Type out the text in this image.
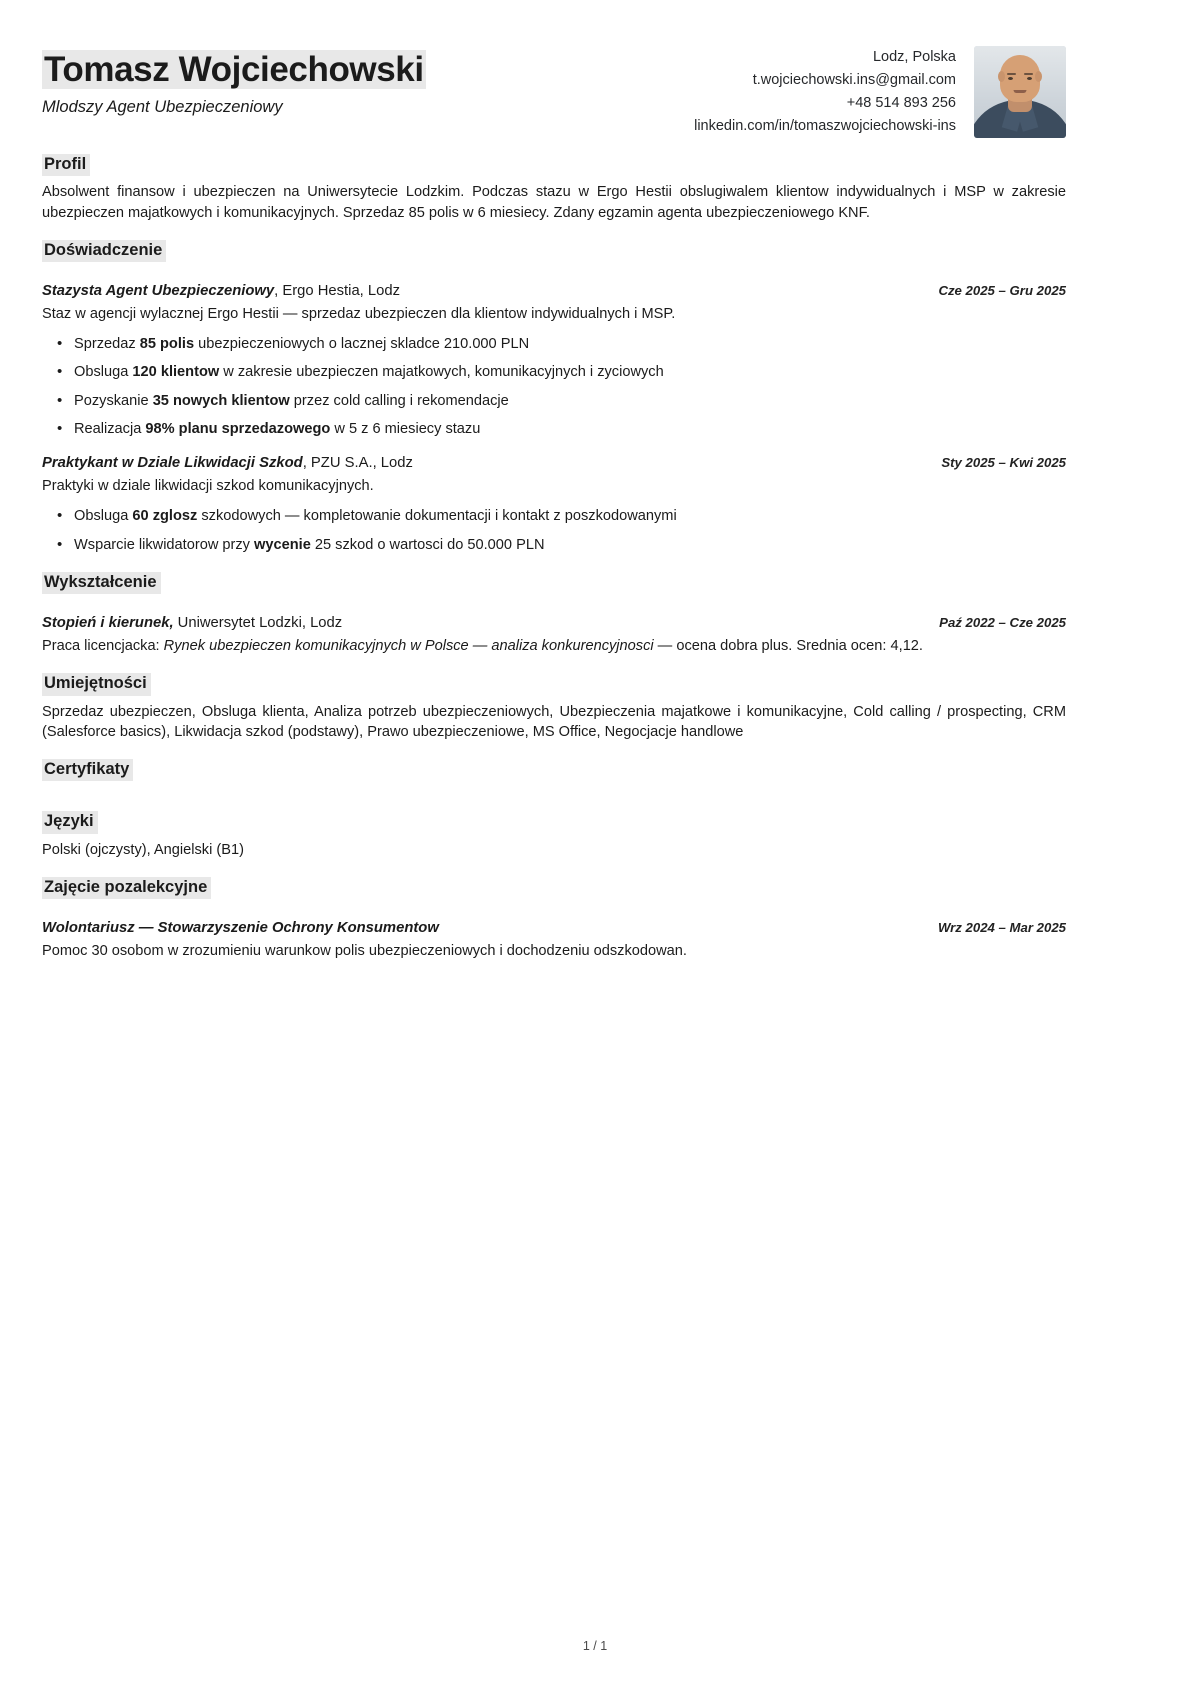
Tomasz Wojciechowski
Mlodszy Agent Ubezpieczeniowy
Lodz, Polska
t.wojciechowski.ins@gmail.com
+48 514 893 256
linkedin.com/in/tomaszwojciechowski-ins
Profil
Absolwent finansow i ubezpieczen na Uniwersytecie Lodzkim. Podczas stazu w Ergo Hestii obslugiwalem klientow indywidualnych i MSP w zakresie ubezpieczen majatkowych i komunikacyjnych. Sprzedaz 85 polis w 6 miesiecy. Zdany egzamin agenta ubezpieczeniowego KNF.
Doświadczenie
Stazysta Agent Ubezpieczeniowy, Ergo Hestia, Lodz	Cze 2025 – Gru 2025
Staz w agencji wylacznej Ergo Hestii — sprzedaz ubezpieczen dla klientow indywidualnych i MSP.
• Sprzedaz 85 polis ubezpieczeniowych o lacznej skladce 210.000 PLN
• Obsluga 120 klientow w zakresie ubezpieczen majatkowych, komunikacyjnych i zyciowych
• Pozyskanie 35 nowych klientow przez cold calling i rekomendacje
• Realizacja 98% planu sprzedazowego w 5 z 6 miesiecy stazu
Praktykant w Dziale Likwidacji Szkod, PZU S.A., Lodz	Sty 2025 – Kwi 2025
Praktyki w dziale likwidacji szkod komunikacyjnych.
• Obsluga 60 zglosz szkodowych — kompletowanie dokumentacji i kontakt z poszkodowanymi
• Wsparcie likwidatorow przy wycenie 25 szkod o wartosci do 50.000 PLN
Wykształcenie
Stopień i kierunek, Uniwersytet Lodzki, Lodz	Paź 2022 – Cze 2025
Praca licencjacka: Rynek ubezpieczen komunikacyjnych w Polsce — analiza konkurencyjnosci — ocena dobra plus. Srednia ocen: 4,12.
Umiejętności
Sprzedaz ubezpieczen, Obsluga klienta, Analiza potrzeb ubezpieczeniowych, Ubezpieczenia majatkowe i komunikacyjne, Cold calling / prospecting, CRM (Salesforce basics), Likwidacja szkod (podstawy), Prawo ubezpieczeniowe, MS Office, Negocjacje handlowe
Certyfikaty
Języki
Polski (ojczysty), Angielski (B1)
Zajęcie pozalekcyjne
Wolontariusz — Stowarzyszenie Ochrony Konsumentow	Wrz 2024 – Mar 2025
Pomoc 30 osobom w zrozumieniu warunkow polis ubezpieczeniowych i dochodzeniu odszkodowan.
1 / 1
